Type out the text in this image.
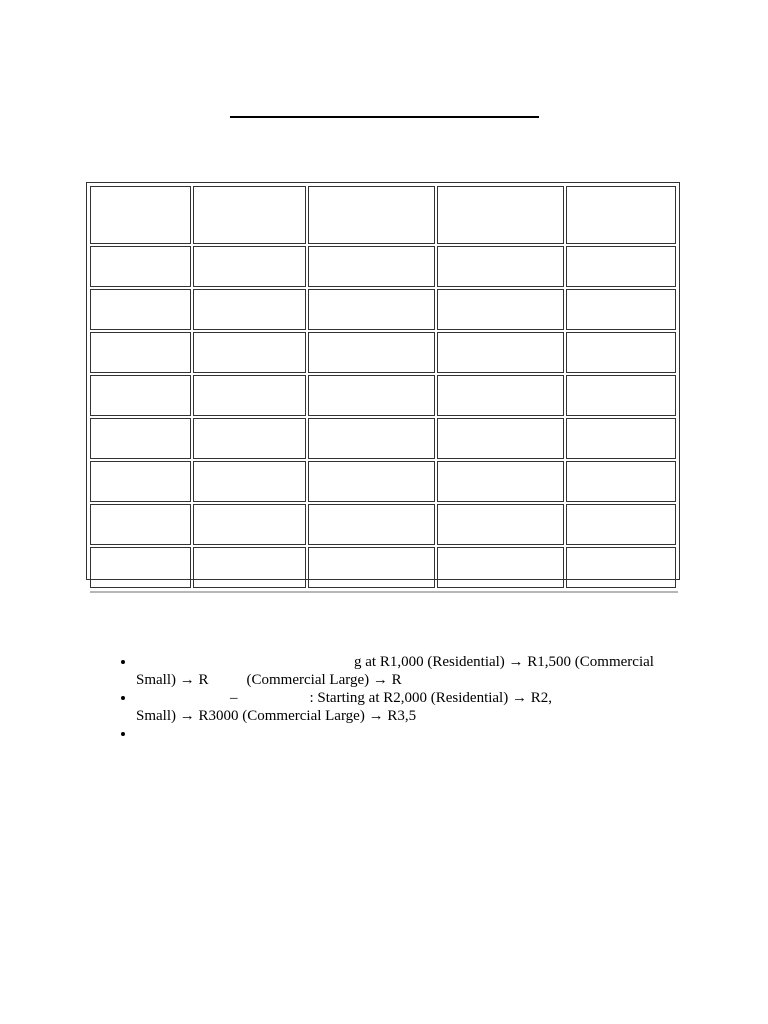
• g at R1,000 (Residential) → R1,500 (Commercial
Small) → R	(Commercial Large) → R
• –	: Starting at R2,000 (Residential) → R2,
Small) → R3000 (Commercial Large) → R3,5
•
